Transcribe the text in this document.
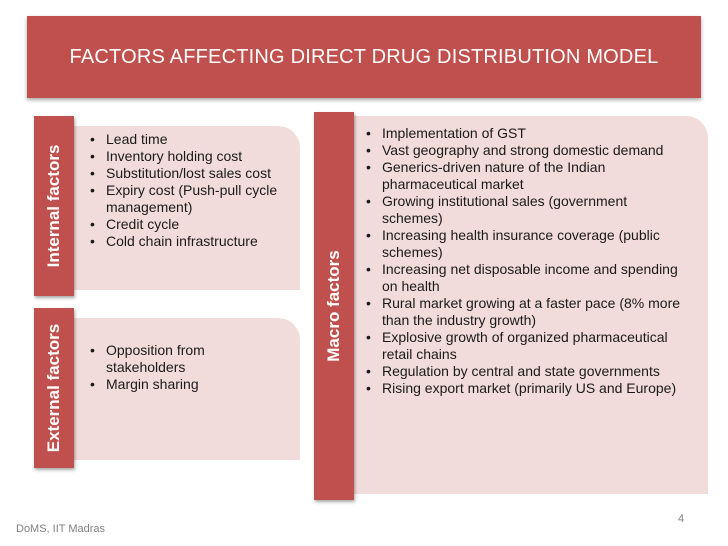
FACTORS AFFECTING DIRECT DRUG DISTRIBUTION MODEL
• Lead time
• Inventory holding cost
• Substitution/lost sales cost
• Expiry cost (Push-pull cycle management)
• Credit cycle
• Cold chain infrastructure
Internal factors
• Opposition from stakeholders
• Margin sharing
External factors
• Implementation of GST
• Vast geography and strong domestic demand
• Generics-driven nature of the Indian pharmaceutical market
• Growing institutional sales (government schemes)
• Increasing health insurance coverage (public schemes)
• Increasing net disposable income and spending on health
• Rural market growing at a faster pace (8% more than the industry growth)
• Explosive growth of organized pharmaceutical retail chains
• Regulation by central and state governments
• Rising export market (primarily US and Europe)
Macro factors
DoMS, IIT Madras
4
